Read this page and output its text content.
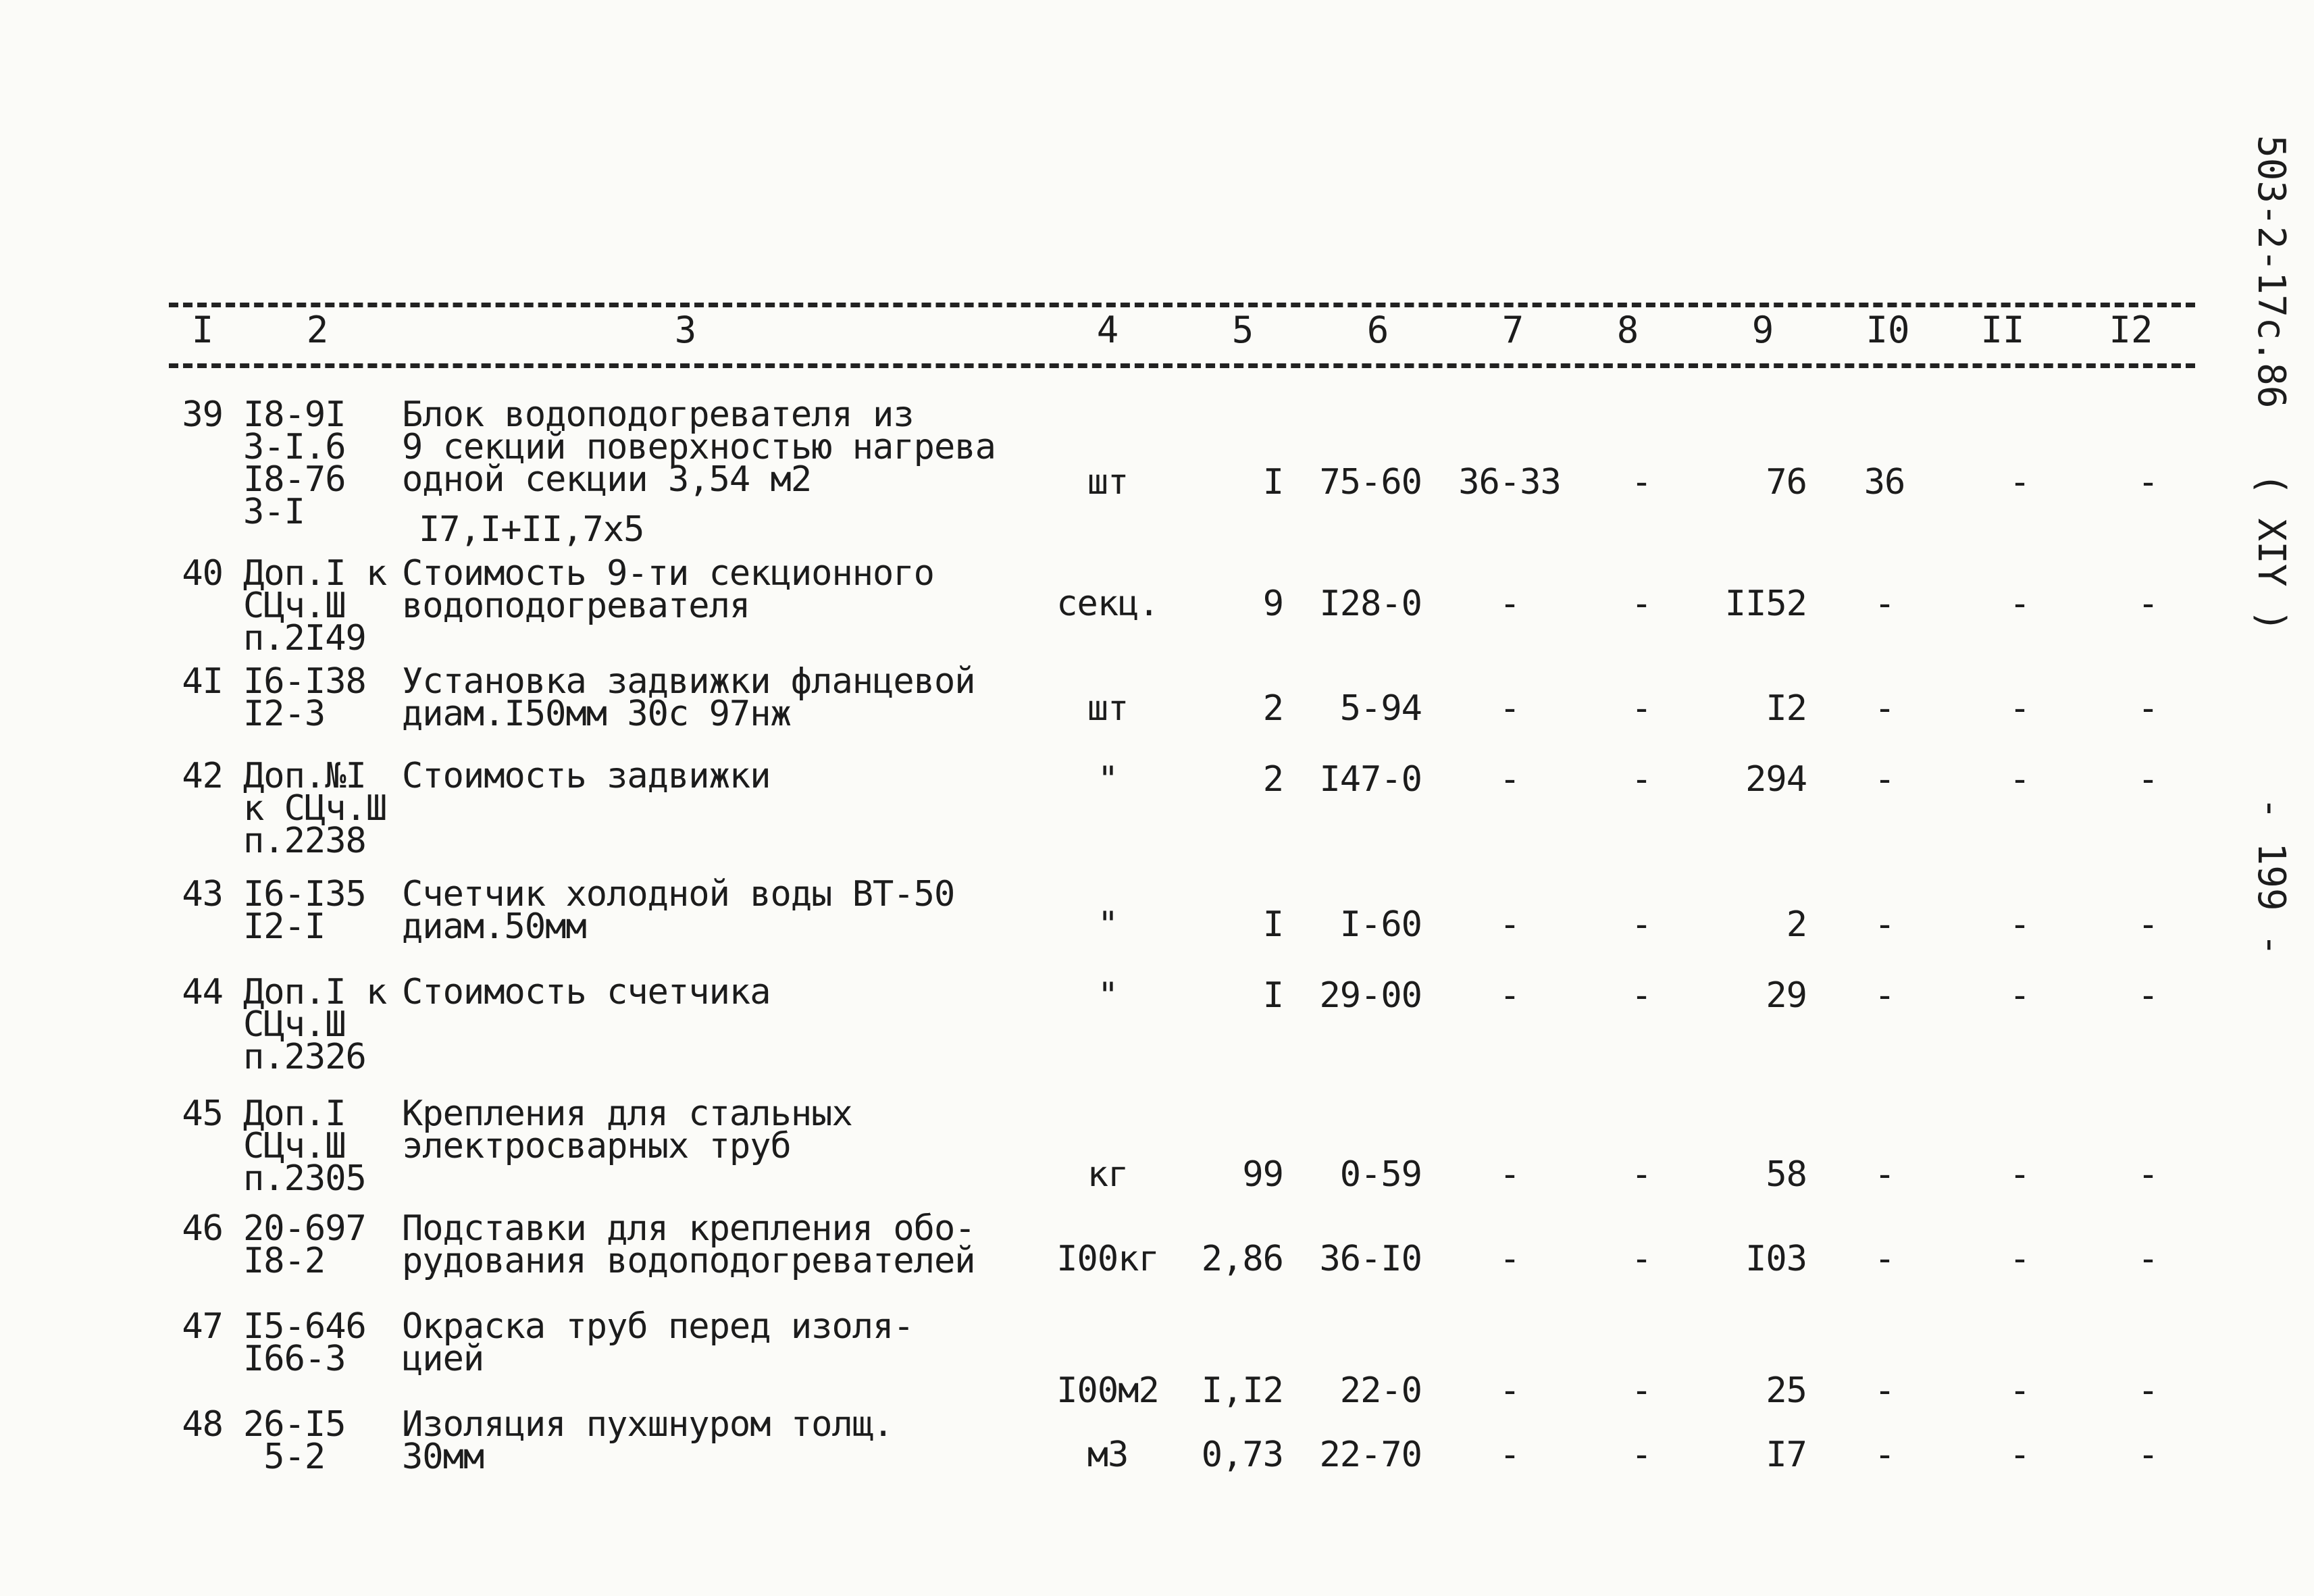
503-2-17c.86
( XIY )
- 199 -
I	2	3	4	5	6	7	8	9	I0 II I2
39 I8-9I
3-I.6
I8-76
3-I
Блок водоподогревателя из
9 секций поверхностью нагрева
одной секции 3,54 м2	шт	I	75-60	36-33	-	76	36	-	-
I7,I+II,7x5
40 Доп.I к
СЦч.Ш
п.2I49
Стоимость 9-ти секционного
водоподогревателя	секц.	9	I28-0	-	-	II52	-	-	-
4I I6-I38
I2-3
Установка задвижки фланцевой
диам.I50мм 30с 97нж	шт	2	5-94	-	-	I2	-	-	-
42 Доп.№I
к СЦч.Ш
п.2238
Стоимость задвижки	"	2	I47-0	-	-	294	-	-	-
43 I6-I35
I2-I
Счетчик холодной воды ВТ-50
диам.50мм	"	I	I-60	-	-	2	-	-	-
44 Доп.I к
СЦч.Ш
п.2326
Стоимость счетчика	"	I	29-00	-	-	29	-	-	-
45 Доп.I
СЦч.Ш
п.2305
Крепления для стальных
электросварных труб
кг	99	0-59	-	-	58	-	-	-
46 20-697
I8-2
Подставки для крепления обо-
рудования водоподогревателей	I00кг	2,86	36-I0	-	-	I03	-	-	-
47 I5-646
I66-3
Окраска труб перед изоля-
цией
I00м2	I,I2	22-0	-	-	25	-	-	-
48 26-I5
5-2
Изоляция пухшнуром толщ.
30мм	м3	0,73	22-70	-	-	I7	-	-	-
